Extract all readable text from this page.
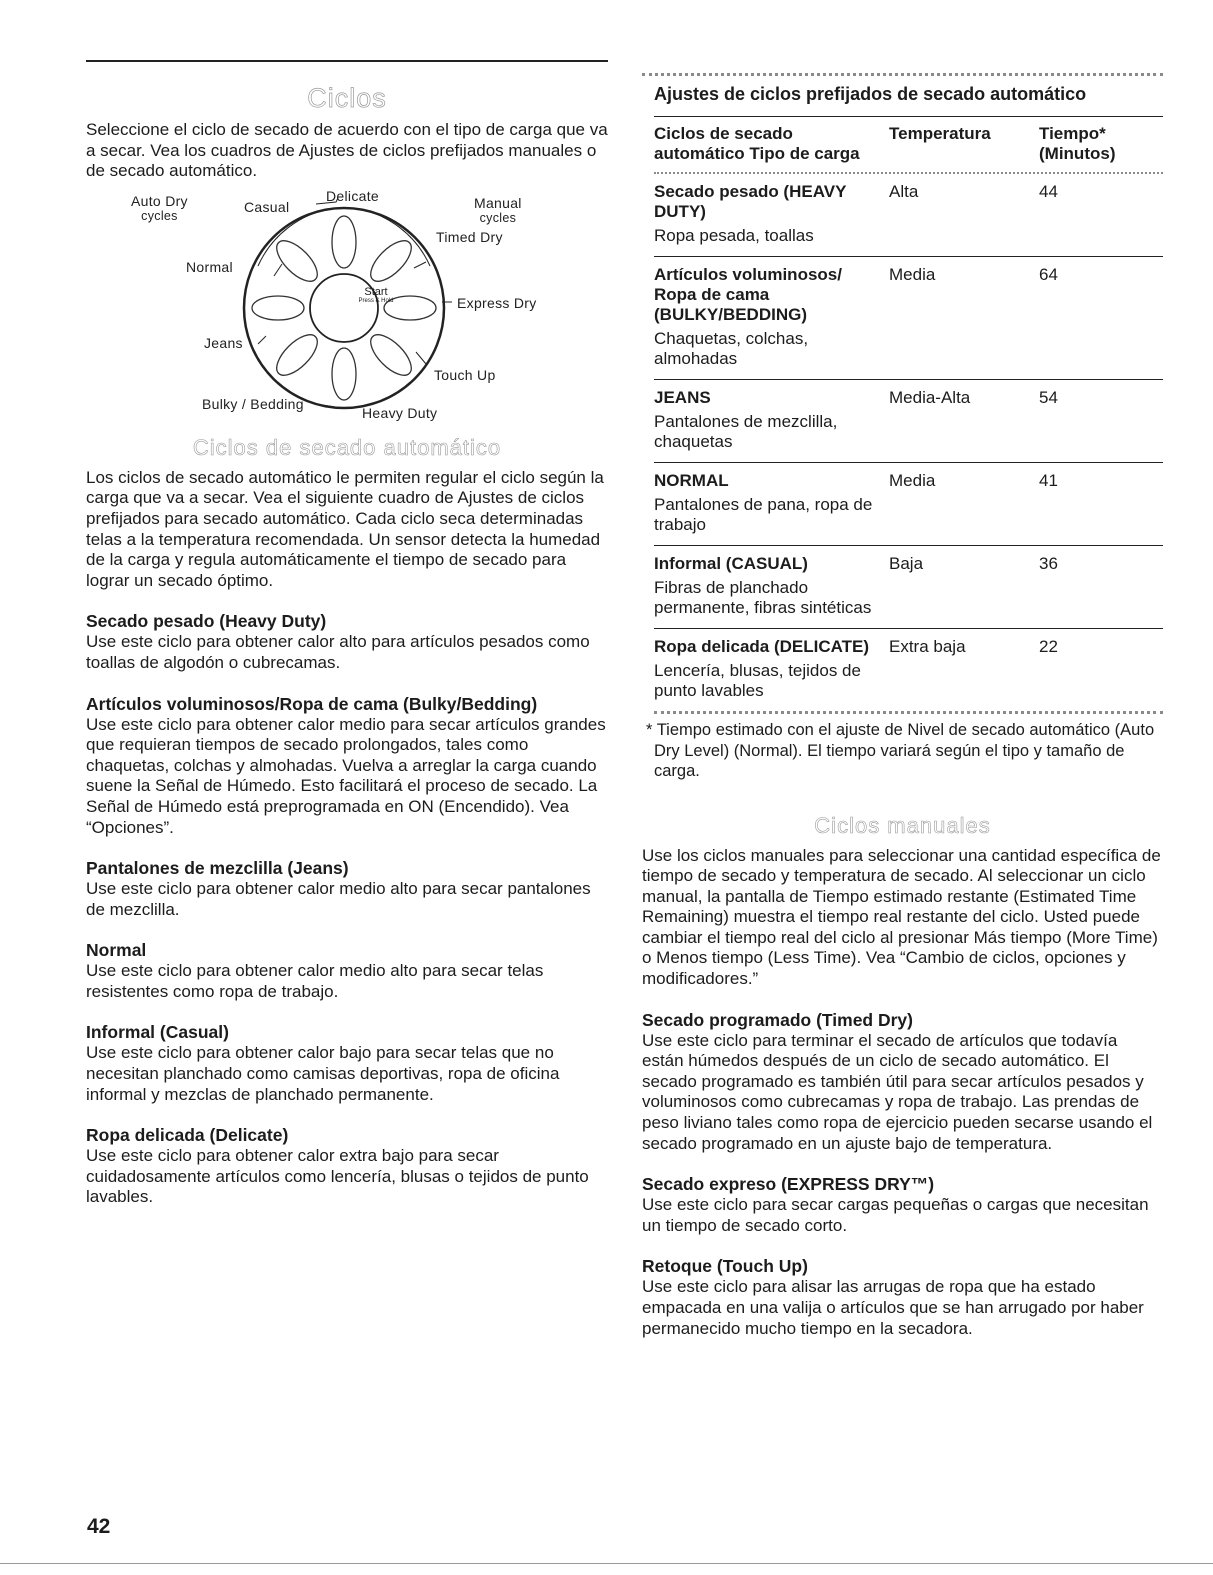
Ciclos

Seleccione el ciclo de secado de acuerdo con el tipo de carga que va a secar. Vea los cuadros de Ajustes de ciclos prefijados manuales o de secado automático.

Auto Dry
cycles
Casual
Delicate	Manual
cycles
Timed Dry
Normal
Express Dry
Jeans
Touch Up
Bulky / Bedding
Heavy Duty
Start
Press & Hold
Ciclos de secado automático

Los ciclos de secado automático le permiten regular el ciclo según la carga que va a secar. Vea el siguiente cuadro de Ajustes de ciclos prefijados para secado automático. Cada ciclo seca determinadas telas a la temperatura recomendada. Un sensor detecta la humedad de la carga y regula automáticamente el tiempo de secado para lograr un secado óptimo.

Secado pesado (Heavy Duty)

Use este ciclo para obtener calor alto para artículos pesados como toallas de algodón o cubrecamas.

Artículos voluminosos/Ropa de cama (Bulky/Bedding)

Use este ciclo para obtener calor medio para secar artículos grandes que requieran tiempos de secado prolongados, tales como chaquetas, colchas y almohadas. Vuelva a arreglar la carga cuando suene la Señal de Húmedo. Esto facilitará el proceso de secado. La Señal de Húmedo está preprogramada en ON (Encendido). Vea “Opciones”.

Pantalones de mezclilla (Jeans)

Use este ciclo para obtener calor medio alto para secar pantalones de mezclilla.

Normal

Use este ciclo para obtener calor medio alto para secar telas resistentes como ropa de trabajo.

Informal (Casual)

Use este ciclo para obtener calor bajo para secar telas que no necesitan planchado como camisas deportivas, ropa de oficina informal y mezclas de planchado permanente.

Ropa delicada (Delicate)

Use este ciclo para obtener calor extra bajo para secar cuidadosamente artículos como lencería, blusas o tejidos de punto lavables.

Ajustes de ciclos prefijados de secado automático
Ciclos de secado automático Tipo de carga
Temperatura	Tiempo* (Minutos)
Secado pesado (HEAVY DUTY)
Ropa pesada, toallas
Alta	44
Artículos voluminosos/ Ropa de cama (BULKY/BEDDING)
Chaquetas, colchas, almohadas
Media	64
JEANS
Pantalones de mezclilla, chaquetas
Media-Alta	54
NORMAL
Pantalones de pana, ropa de trabajo
Media	41
Informal (CASUAL)
Fibras de planchado permanente, fibras sintéticas
Baja	36
Ropa delicada (DELICATE)
Lencería, blusas, tejidos de punto lavables
Extra baja	22

* Tiempo estimado con el ajuste de Nivel de secado automático (Auto Dry Level) (Normal). El tiempo variará según el tipo y tamaño de carga.

Ciclos manuales

Use los ciclos manuales para seleccionar una cantidad específica de tiempo de secado y temperatura de secado. Al seleccionar un ciclo manual, la pantalla de Tiempo estimado restante (Estimated Time Remaining) muestra el tiempo real restante del ciclo. Usted puede cambiar el tiempo real del ciclo al presionar Más tiempo (More Time) o Menos tiempo (Less Time). Vea “Cambio de ciclos, opciones y modificadores.”

Secado programado (Timed Dry)

Use este ciclo para terminar el secado de artículos que todavía están húmedos después de un ciclo de secado automático. El secado programado es también útil para secar artículos pesados y voluminosos como cubrecamas y ropa de trabajo. Las prendas de peso liviano tales como ropa de ejercicio pueden secarse usando el secado programado en un ajuste bajo de temperatura.

Secado expreso (EXPRESS DRY™)

Use este ciclo para secar cargas pequeñas o cargas que necesitan un tiempo de secado corto.

Retoque (Touch Up)

Use este ciclo para alisar las arrugas de ropa que ha estado empacada en una valija o artículos que se han arrugado por haber permanecido mucho tiempo en la secadora.

42
